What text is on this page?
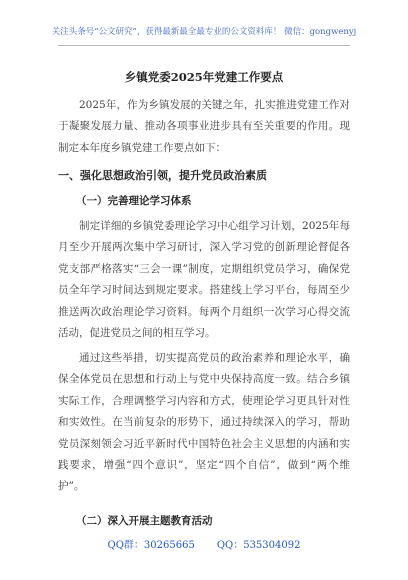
关注头条号“公文研究”，获得最新最全最专业的公文资料库！ 微信：gongwenyj
乡镇党委2025年党建工作要点
2025年，作为乡镇发展的关键之年，扎实推进党建工作对于凝聚发展力量、推动各项事业进步具有至关重要的作用。现制定本年度乡镇党建工作要点如下：
一、强化思想政治引领，提升党员政治素质
（一）完善理论学习体系
制定详细的乡镇党委理论学习中心组学习计划，2025年每月至少开展两次集中学习研讨，深入学习党的创新理论督促各党支部严格落实“三会一课”制度，定期组织党员学习，确保党员全年学习时间达到规定要求。搭建线上学习平台，每周至少推送两次政治理论学习资料。每两个月组织一次学习心得交流活动，促进党员之间的相互学习。
通过这些举措，切实提高党员的政治素养和理论水平，确保全体党员在思想和行动上与党中央保持高度一致。结合乡镇实际工作，合理调整学习内容和方式，使理论学习更具针对性和实效性。在当前复杂的形势下，通过持续深入的学习，帮助党员深刻领会习近平新时代中国特色社会主义思想的内涵和实践要求，增强“四个意识”，坚定“四个自信”，做到“两个维护”。
（二）深入开展主题教育活动
QQ群：30265665 QQ：535304092
